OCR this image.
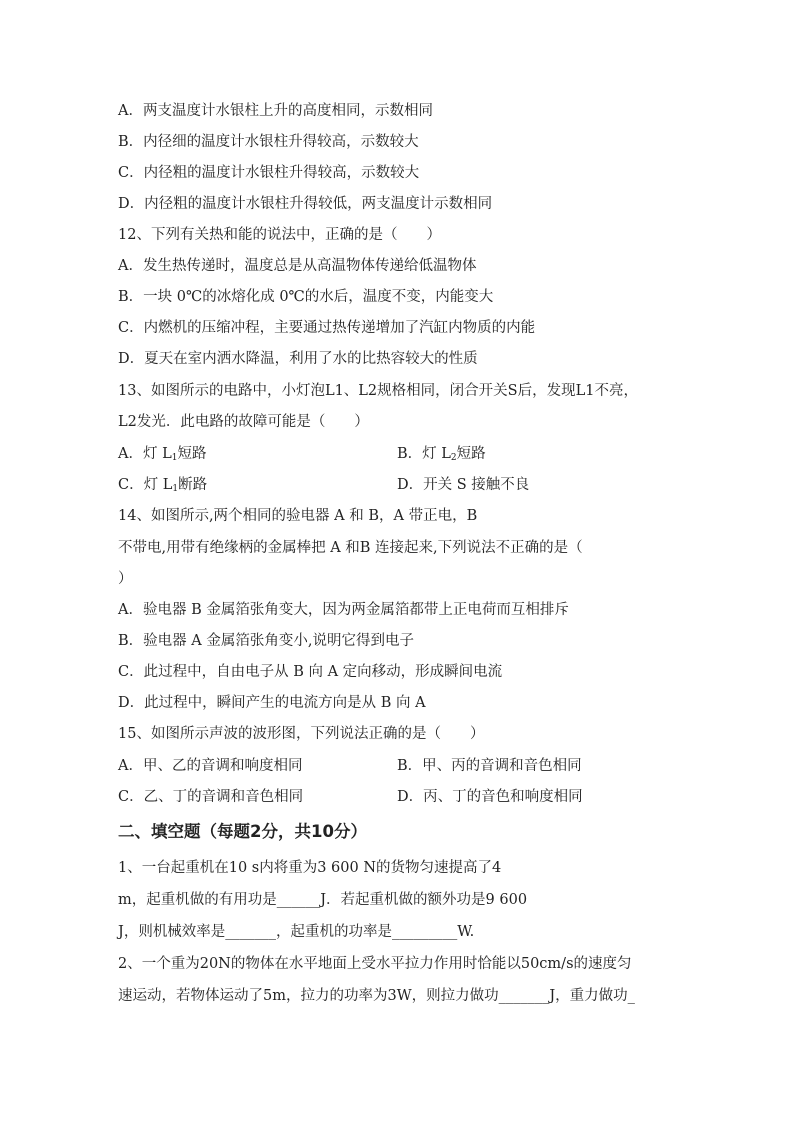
A．两支温度计水银柱上升的高度相同，示数相同
B．内径细的温度计水银柱升得较高，示数较大
C．内径粗的温度计水银柱升得较高，示数较大
D．内径粗的温度计水银柱升得较低，两支温度计示数相同
12、下列有关热和能的说法中，正确的是（　　）
A．发生热传递时，温度总是从高温物体传递给低温物体
B．一块 0℃的冰熔化成 0℃的水后，温度不变，内能变大
C．内燃机的压缩冲程，主要通过热传递增加了汽缸内物质的内能
D．夏天在室内洒水降温，利用了水的比热容较大的性质
13、如图所示的电路中，小灯泡L1、L2规格相同，闭合开关S后，发现L1不亮，
L2发光．此电路的故障可能是（　　）
A．灯 $L_1$短路	B．灯 $L_2$短路
C．灯 $L_1$断路	D．开关 S 接触不良
14、如图所示,两个相同的验电器 A 和 B，A 带正电，B
不带电,用带有绝缘柄的金属棒把 A 和B 连接起来,下列说法不正确的是（
）
A．验电器 B 金属箔张角变大，因为两金属箔都带上正电荷而互相排斥
B．验电器 A 金属箔张角变小,说明它得到电子
C．此过程中，自由电子从 B 向 A 定向移动，形成瞬间电流
D．此过程中，瞬间产生的电流方向是从 B 向 A
15、如图所示声波的波形图，下列说法正确的是（　　）
A．甲、乙的音调和响度相同	B．甲、丙的音调和音色相同
C．乙、丁的音调和音色相同	D．丙、丁的音色和响度相同
二、填空题（每题2分，共10分）
1、一台起重机在10 s内将重为3 600 N的货物匀速提高了4
m，起重机做的有用功是______J．若起重机做的额外功是9 600
J，则机械效率是_______，起重机的功率是_________W.
2、一个重为20N的物体在水平地面上受水平拉力作用时恰能以50cm/s的速度匀
速运动，若物体运动了5m，拉力的功率为3W，则拉力做功_______J，重力做功_
